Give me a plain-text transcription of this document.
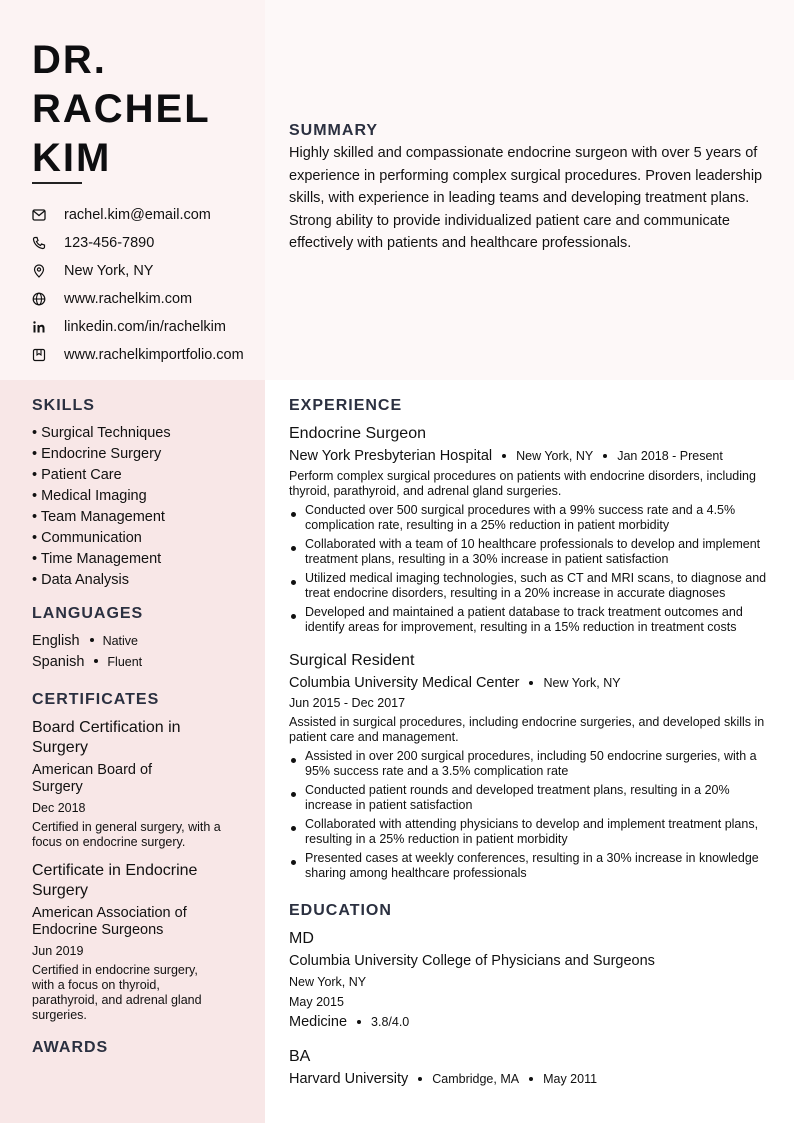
DR.
RACHEL
KIM
rachel.kim@email.com
123-456-7890
New York, NY
www.rachelkim.com
linkedin.com/in/rachelkim
www.rachelkimportfolio.com
SUMMARY
Highly skilled and compassionate endocrine surgeon with over 5 years of experience in performing complex surgical procedures. Proven leadership skills, with experience in leading teams and developing treatment plans. Strong ability to provide individualized patient care and communicate effectively with patients and healthcare professionals.
SKILLS
• Surgical Techniques
• Endocrine Surgery
• Patient Care
• Medical Imaging
• Team Management
• Communication
• Time Management
• Data Analysis
LANGUAGES
English Native
Spanish Fluent
CERTIFICATES
Board Certification in Surgery
American Board of Surgery
Dec 2018
Certified in general surgery, with a focus on endocrine surgery.
Certificate in Endocrine Surgery
American Association of Endocrine Surgeons
Jun 2019
Certified in endocrine surgery, with a focus on thyroid, parathyroid, and adrenal gland surgeries.
AWARDS
EXPERIENCE
Endocrine Surgeon
New York Presbyterian Hospital New York, NY Jan 2018 - Present
Perform complex surgical procedures on patients with endocrine disorders, including thyroid, parathyroid, and adrenal gland surgeries.
Conducted over 500 surgical procedures with a 99% success rate and a 4.5% complication rate, resulting in a 25% reduction in patient morbidity
Collaborated with a team of 10 healthcare professionals to develop and implement treatment plans, resulting in a 30% increase in patient satisfaction
Utilized medical imaging technologies, such as CT and MRI scans, to diagnose and treat endocrine disorders, resulting in a 20% increase in accurate diagnoses
Developed and maintained a patient database to track treatment outcomes and identify areas for improvement, resulting in a 15% reduction in treatment costs
Surgical Resident
Columbia University Medical Center New York, NY
Jun 2015 - Dec 2017
Assisted in surgical procedures, including endocrine surgeries, and developed skills in patient care and management.
Assisted in over 200 surgical procedures, including 50 endocrine surgeries, with a 95% success rate and a 3.5% complication rate
Conducted patient rounds and developed treatment plans, resulting in a 20% increase in patient satisfaction
Collaborated with attending physicians to develop and implement treatment plans, resulting in a 25% reduction in patient morbidity
Presented cases at weekly conferences, resulting in a 30% increase in knowledge sharing among healthcare professionals
EDUCATION
MD
Columbia University College of Physicians and Surgeons
New York, NY
May 2015
Medicine 3.8/4.0
BA
Harvard University Cambridge, MA May 2011
